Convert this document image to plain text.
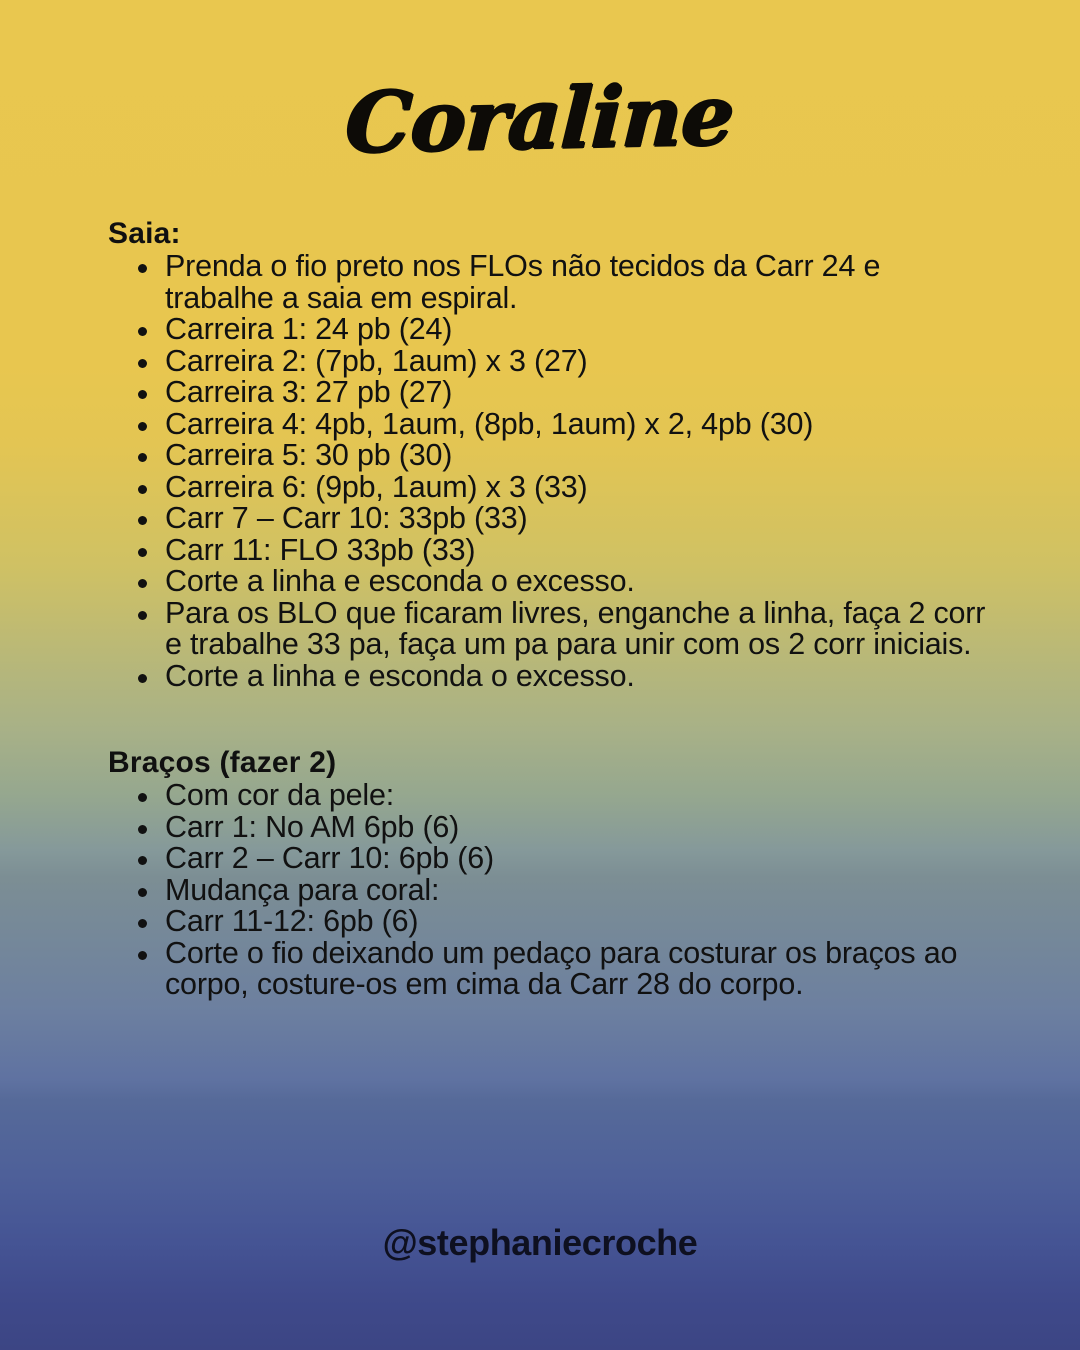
Coraline
Saia:
Prenda o fio preto nos FLOs não tecidos da Carr 24 e trabalhe a saia em espiral.
Carreira 1: 24 pb (24)
Carreira 2: (7pb, 1aum) x 3 (27)
Carreira 3: 27 pb (27)
Carreira 4: 4pb, 1aum, (8pb, 1aum) x 2, 4pb (30)
Carreira 5: 30 pb (30)
Carreira 6: (9pb, 1aum) x 3 (33)
Carr 7 – Carr 10: 33pb (33)
Carr 11: FLO 33pb (33)
Corte a linha e esconda o excesso.
Para os BLO que ficaram livres, enganche a linha, faça 2 corr e trabalhe 33 pa, faça um pa para unir com os 2 corr iniciais.
Corte a linha e esconda o excesso.
Braços (fazer 2)
Com cor da pele:
Carr 1: No AM 6pb (6)
Carr 2 – Carr 10: 6pb (6)
Mudança para coral:
Carr 11-12: 6pb (6)
Corte o fio deixando um pedaço para costurar os braços ao corpo, costure-os em cima da Carr 28 do corpo.
@stephaniecroche
